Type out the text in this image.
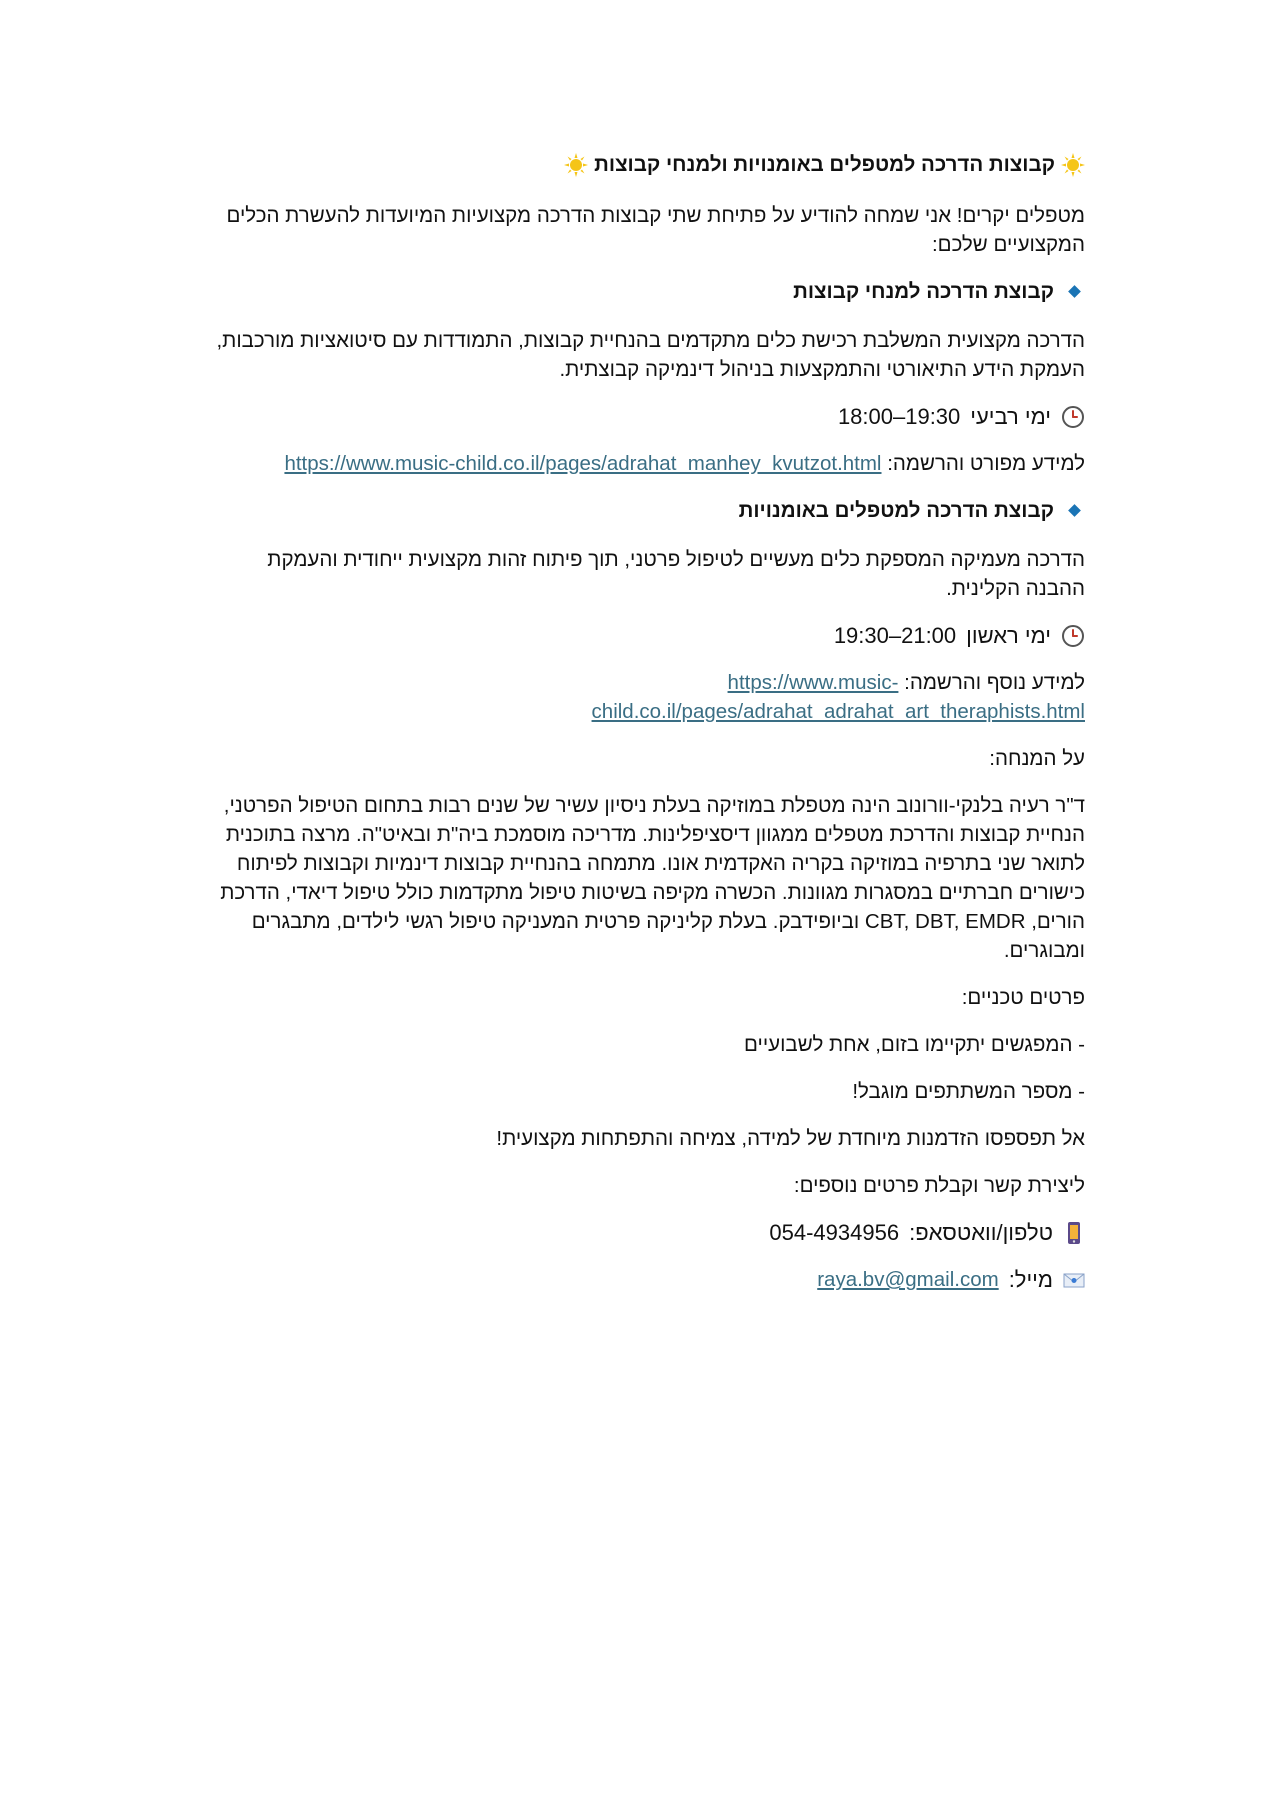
קבוצות הדרכה למטפלים באומנויות ולמנחי קבוצות

מטפלים יקרים! אני שמחה להודיע על פתיחת שתי קבוצות הדרכה מקצועיות המיועדות להעשרת הכלים המקצועיים שלכם:

קבוצת הדרכה למנחי קבוצות

הדרכה מקצועית המשלבת רכישת כלים מתקדמים בהנחיית קבוצות, התמודדות עם סיטואציות מורכבות, העמקת הידע התיאורטי והתמקצעות בניהול דינמיקה קבוצתית.

ימי רביעי
18:00–19:30

למידע מפורט והרשמה: https://www.music-child.co.il/pages/adrahat_manhey_kvutzot.html

קבוצת הדרכה למטפלים באומנויות

הדרכה מעמיקה המספקת כלים מעשיים לטיפול פרטני, תוך פיתוח זהות מקצועית ייחודית והעמקת ההבנה הקלינית.

ימי ראשון
19:30–21:00

למידע נוסף והרשמה: https://www.music-
child.co.il/pages/adrahat_adrahat_art_theraphists.html

על המנחה:

ד"ר רעיה בלנקי-וורונוב הינה מטפלת במוזיקה בעלת ניסיון עשיר של שנים רבות בתחום הטיפול הפרטני, הנחיית קבוצות והדרכת מטפלים ממגוון דיסציפלינות. מדריכה מוסמכת ביה"ת ובאיט"ה. מרצה בתוכנית לתואר שני בתרפיה במוזיקה בקריה האקדמית אונו. מתמחה בהנחיית קבוצות דינמיות וקבוצות לפיתוח כישורים חברתיים במסגרות מגוונות. הכשרה מקיפה בשיטות טיפול מתקדמות כולל טיפול דיאדי, הדרכת הורים, CBT, DBT, EMDR וביופידבק. בעלת קליניקה פרטית המעניקה טיפול רגשי לילדים, מתבגרים ומבוגרים.

פרטים טכניים:

- המפגשים יתקיימו בזום, אחת לשבועיים

- מספר המשתתפים מוגבל!

אל תפספסו הזדמנות מיוחדת של למידה, צמיחה והתפתחות מקצועית!

ליצירת קשר וקבלת פרטים נוספים:

טלפון/וואטסאפ:
054-4934956
מייל:
raya.bv@gmail.com
